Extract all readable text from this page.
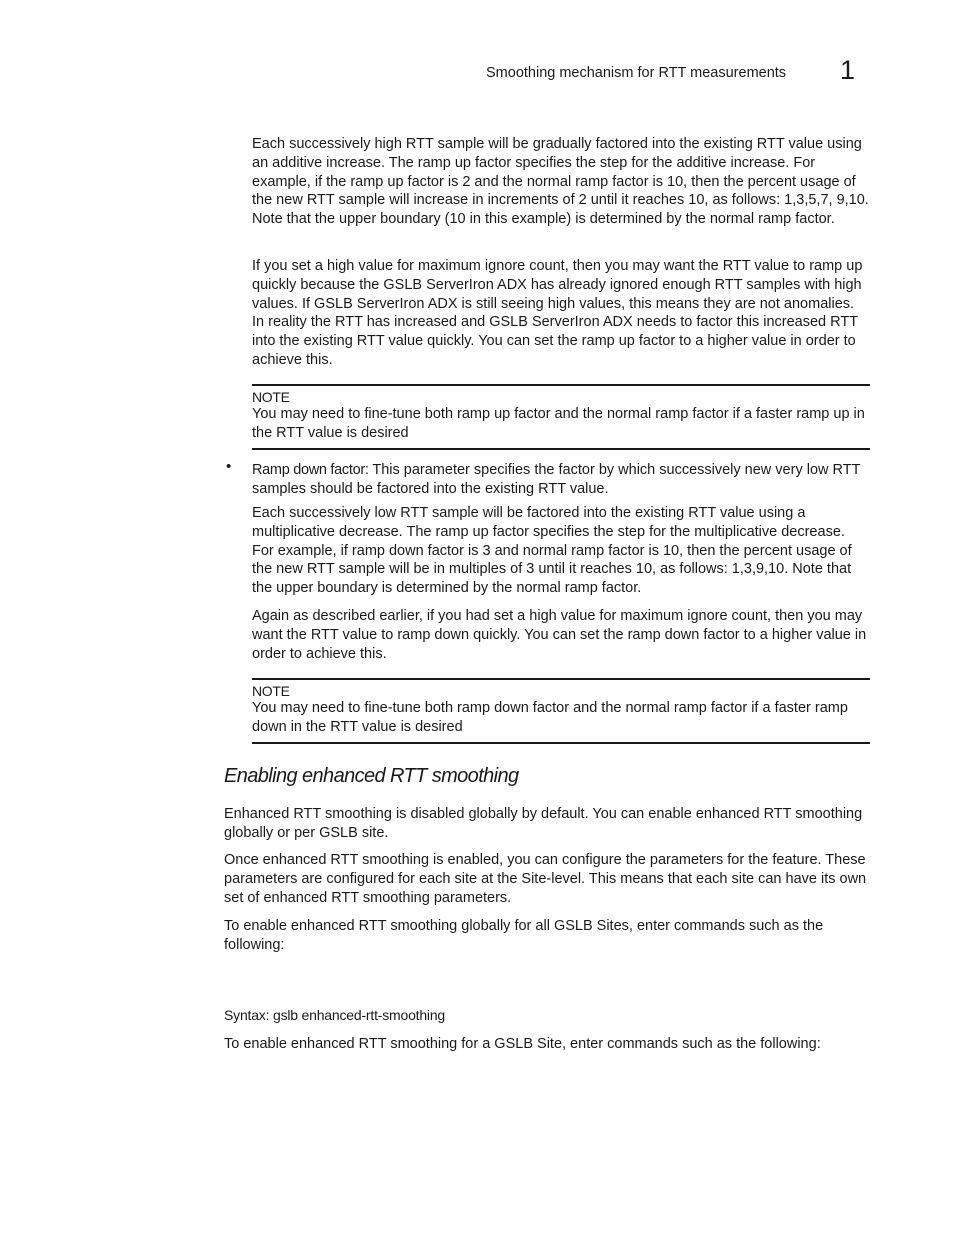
Smoothing mechanism for RTT measurements 1

Each successively high RTT sample will be gradually factored into the existing RTT value using an additive increase. The ramp up factor specifies the step for the additive increase. For example, if the ramp up factor is 2 and the normal ramp factor is 10, then the percent usage of the new RTT sample will increase in increments of 2 until it reaches 10, as follows: 1,3,5,7, 9,10. Note that the upper boundary (10 in this example) is determined by the normal ramp factor.

If you set a high value for maximum ignore count, then you may want the RTT value to ramp up quickly because the GSLB ServerIron ADX has already ignored enough RTT samples with high values. If GSLB ServerIron ADX is still seeing high values, this means they are not anomalies. In reality the RTT has increased and GSLB ServerIron ADX needs to factor this increased RTT into the existing RTT value quickly. You can set the ramp up factor to a higher value in order to achieve this.

NOTE

You may need to fine-tune both ramp up factor and the normal ramp factor if a faster ramp up in the RTT value is desired

• Ramp down factor: This parameter specifies the factor by which successively new very low RTT samples should be factored into the existing RTT value.

Each successively low RTT sample will be factored into the existing RTT value using a multiplicative decrease. The ramp up factor specifies the step for the multiplicative decrease. For example, if ramp down factor is 3 and normal ramp factor is 10, then the percent usage of the new RTT sample will be in multiples of 3 until it reaches 10, as follows: 1,3,9,10. Note that the upper boundary is determined by the normal ramp factor.

Again as described earlier, if you had set a high value for maximum ignore count, then you may want the RTT value to ramp down quickly. You can set the ramp down factor to a higher value in order to achieve this.

NOTE

You may need to fine-tune both ramp down factor and the normal ramp factor if a faster ramp down in the RTT value is desired

Enabling enhanced RTT smoothing

Enhanced RTT smoothing is disabled globally by default. You can enable enhanced RTT smoothing globally or per GSLB site.

Once enhanced RTT smoothing is enabled, you can configure the parameters for the feature. These parameters are configured for each site at the Site-level. This means that each site can have its own set of enhanced RTT smoothing parameters.

To enable enhanced RTT smoothing globally for all GSLB Sites, enter commands such as the following:

Syntax: gslb enhanced-rtt-smoothing

To enable enhanced RTT smoothing for a GSLB Site, enter commands such as the following:
